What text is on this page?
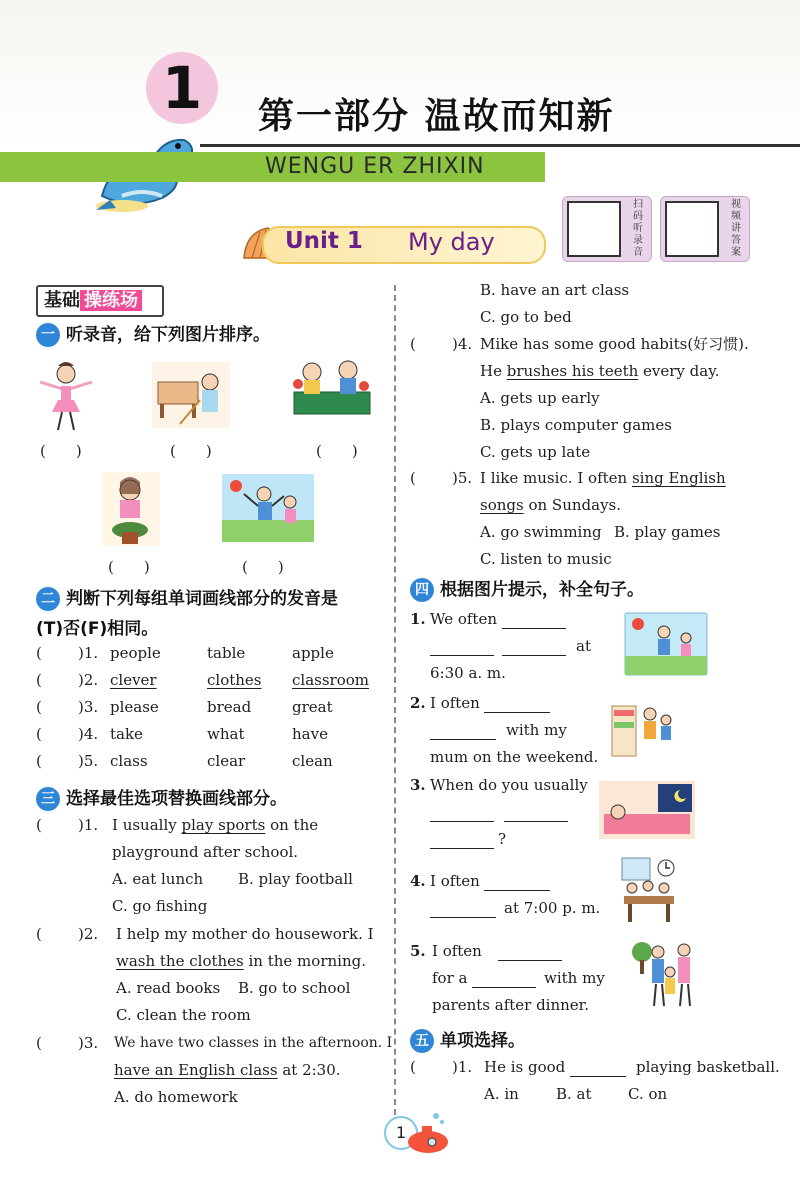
1	第一部分 温故而知新
WENGU ER ZHIXIN
Unit 1 My day
扫
码
听
录
音
视
频
讲
答
案
基础 操练场
一 听录音，给下列图片排序。
(　　)	(　　)	(　　)
(　　)	(　　)
二 判断下列每组单词画线部分的发音是
(T)否(F)相同。
( )1. people	table	apple
( )2. clever	clothes classroom
( )3. please	bread	great
( )4. take	what	have
( )5. class	clear	clean
三 选择最佳选项替换画线部分。
( )1. I usually play sports on the
playground after school.
A. eat lunch B. play football
C. go fishing
( )2. I help my mother do housework. I
wash the clothes in the morning.
A. read books B. go to school
C. clean the room
( )3. We have two classes in the afternoon. I
have an English class at 2:30.
A. do homework
B. have an art class
C. go to bed
( )4. Mike has some good habits(好习惯).
He brushes his teeth every day.
A. gets up early
B. plays computer games
C. gets up late
( )5. I like music. I often sing English
songs on Sundays.
A. go swimming B. play games
C. listen to music
四 根据图片提示，补全句子。
1. We often
at
6:30 a. m.
2. I often
with my
mum on the weekend.
3. When do you usually
?
4. I often
at 7:00 p. m.
5. I often
for a	with my
parents after dinner.
五 单项选择。
( )1. He is good	playing basketball.
A. in B. at C. on
1
